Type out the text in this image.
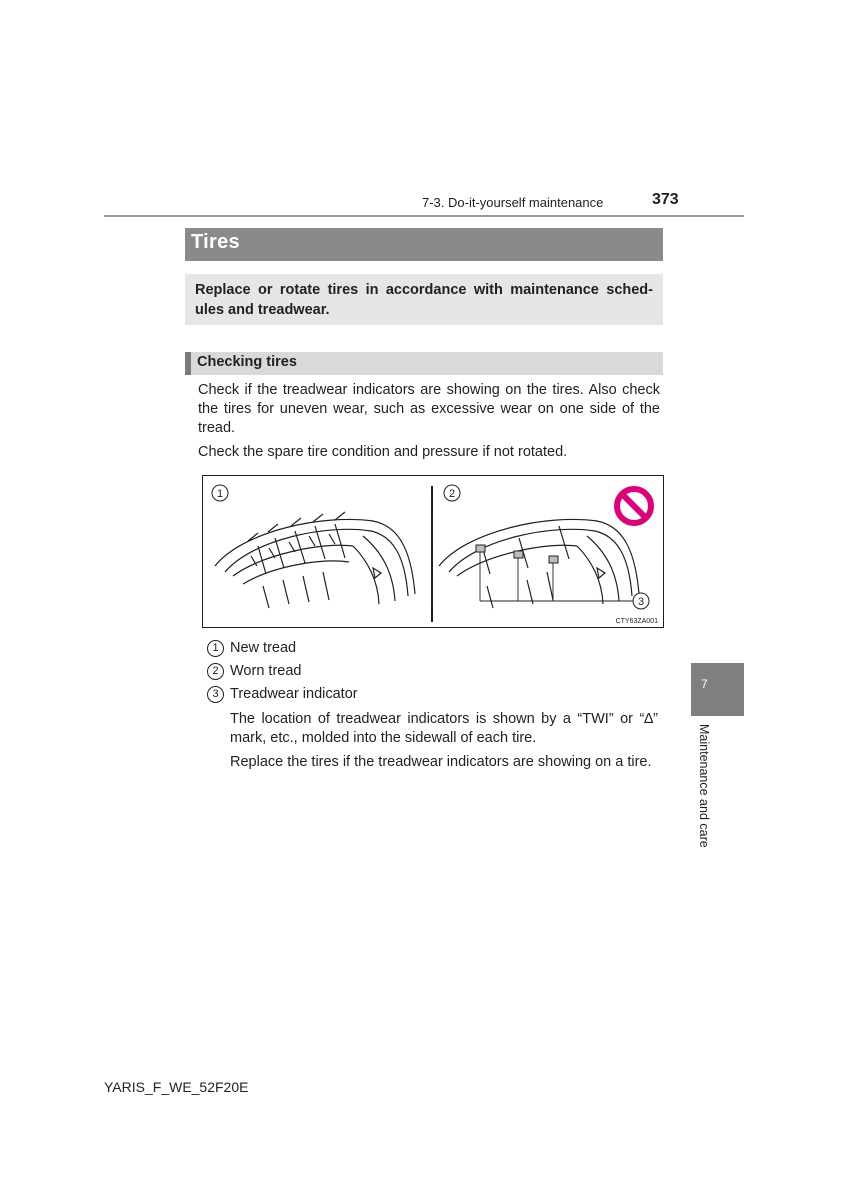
7-3. Do-it-yourself maintenance	373
Tires
Replace or rotate tires in accordance with maintenance sched-ules and treadwear.
Checking tires
Check if the treadwear indicators are showing on the tires. Also check the tires for uneven wear, such as excessive wear on one side of the tread.
Check the spare tire condition and pressure if not rotated.
1	2
3
CTY63ZA001
1 New tread
2 Worn tread
3 Treadwear indicator
The location of treadwear indicators is shown by a “TWI” or “∆” mark, etc., molded into the sidewall of each tire.
Replace the tires if the treadwear indicators are showing on a tire.
7
Maintenance and care
YARIS_F_WE_52F20E
